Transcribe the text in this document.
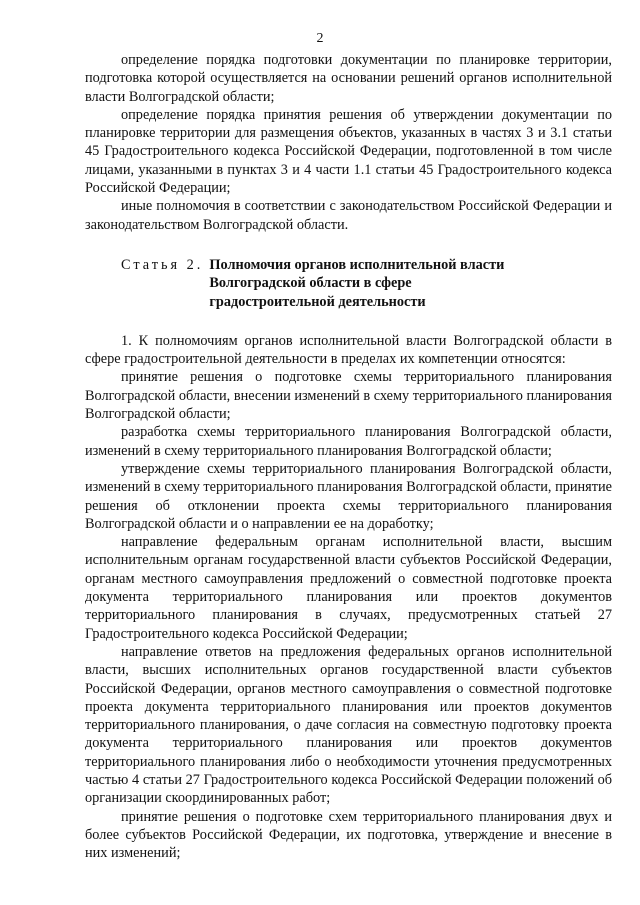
2

определение порядка подготовки документации по планировке территории, подготовка которой осуществляется на основании решений органов исполнительной власти Волгоградской области;

определение порядка принятия решения об утверждении документации по планировке территории для размещения объектов, указанных в частях 3 и 3.1 статьи 45 Градостроительного кодекса Российской Федерации, подготовленной в том числе лицами, указанными в пунктах 3 и 4 части 1.1 статьи 45 Градостроительного кодекса Российской Федерации;

иные полномочия в соответствии с законодательством Российской Федерации и законодательством Волгоградской области.

Статья 2. Полномочия органов исполнительной власти
Волгоградской области в сфере
градостроительной деятельности

1. К полномочиям органов исполнительной власти Волгоградской области в сфере градостроительной деятельности в пределах их компетенции относятся:

принятие решения о подготовке схемы территориального планирования Волгоградской области, внесении изменений в схему территориального планирования Волгоградской области;

разработка схемы территориального планирования Волгоградской области, изменений в схему территориального планирования Волгоградской области;

утверждение схемы территориального планирования Волгоградской области, изменений в схему территориального планирования Волгоградской области, принятие решения об отклонении проекта схемы территориального планирования Волгоградской области и о направлении ее на доработку;

направление федеральным органам исполнительной власти, высшим исполнительным органам государственной власти субъектов Российской Федерации, органам местного самоуправления предложений о совместной подготовке проекта документа территориального планирования или проектов документов территориального планирования в случаях, предусмотренных статьей 27 Градостроительного кодекса Российской Федерации;

направление ответов на предложения федеральных органов исполнительной власти, высших исполнительных органов государственной власти субъектов Российской Федерации, органов местного самоуправления о совместной подготовке проекта документа территориального планирования или проектов документов территориального планирования, о даче согласия на совместную подготовку проекта документа территориального планирования или проектов документов территориального планирования либо о необходимости уточнения предусмотренных частью 4 статьи 27 Градостроительного кодекса Российской Федерации положений об организации скоординированных работ;

принятие решения о подготовке схем территориального планирования двух и более субъектов Российской Федерации, их подготовка, утверждение и внесение в них изменений;
